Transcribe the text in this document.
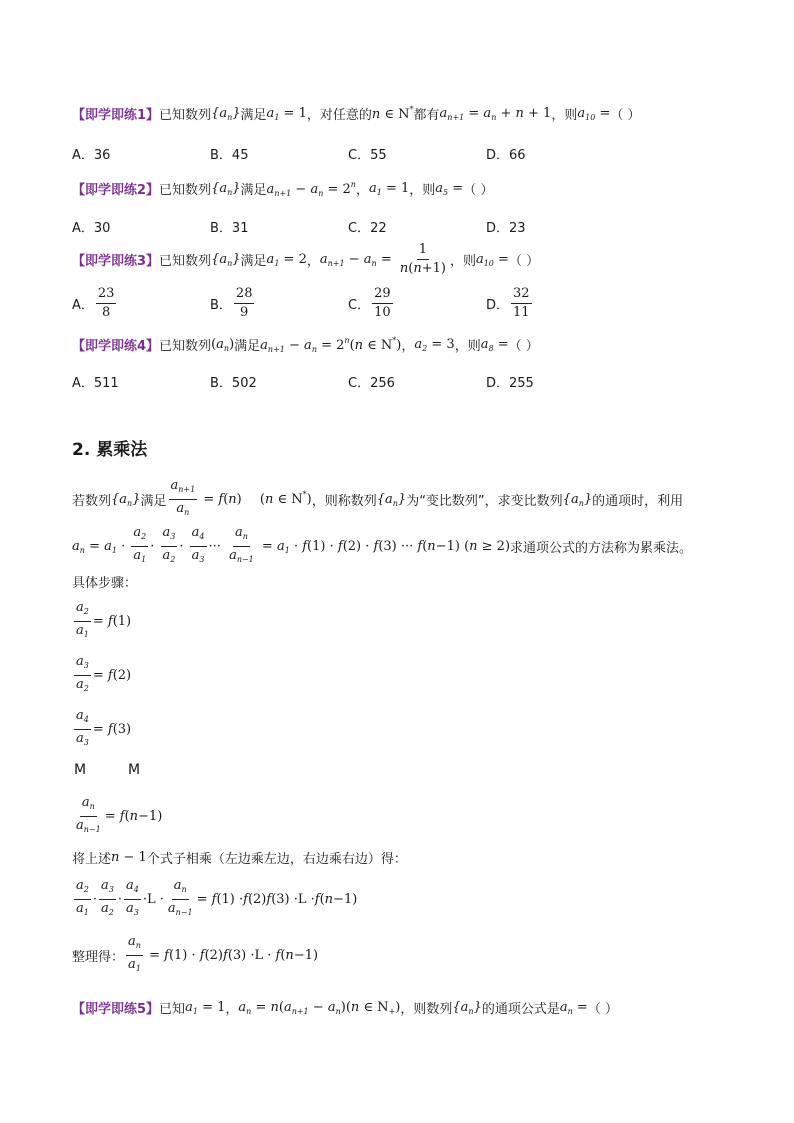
【即学即练1】 已知数列 $\{a_n\}$ 满足 $a_1 = 1$ ，对任意的 n ∈ N* 都有 $a_{n+1} = a_n + n + 1$ ，则 $a_{10}$ = （ ）
A．36	B．45	C．55	D．66
【即学即练2】 已知数列 $\{a_n\}$ 满足 $a_{n+1} - a_n = 2^n$ ， $a_1 = 1$ ，则 $a_5$ = （ ）
A．30	B．31	C．22	D．23
【即学即练3】 已知数列 $\{a_n\}$ 满足 $a_1 = 2$ ， $a_{n+1} - a_n = \frac{1}{n(n+1)}$ ，则 $a_{10}$ = （ ）
A． $\frac{23}{8}$	B． $\frac{28}{9}$	C． $\frac{29}{10}$	D． $\frac{32}{11}$
【即学即练4】 已知数列 $(a_n)$ 满足 $a_{n+1} - a_n = 2^n(n$ ∈ N*) ， $a_2 = 3$ ，则 $a_8$ = （ ）
A．511	B．502	C．256	D．255
2. 累乘法
若数列 $\{a_n\}$ 满足 $\frac{a_{n+1}}{a_n} = f(n)$ (n ∈ N*) ，则称数列 $\{a_n\}$ 为“变比数列”，求变比数列 $\{a_n\}$ 的通项时，利用
$a_n = a_1 \cdot \frac{a_2}{a_1} \cdot \frac{a_3}{a_2} \cdot \frac{a_4}{a_3}$ ··· $\frac{a_n}{a_{n-1}} = a_1 \cdot f(1) \cdot f(2) \cdot f(3)$ ··· f(n−1) (n ≥ 2) 求通项公式的方法称为累乘法。
具体步骤：
$\frac{a_2}{a_1} = f$ (1)
$\frac{a_3}{a_2} = f$ (2)
$\frac{a_4}{a_3} = f$ (3)
M	M
$\frac{a_n}{a_{n-1}} = f$ ( n −1)
将上述 n − 1 个式子相乘（左边乘左边，右边乘右边）得：
$\frac{a_2}{a_1} \cdot \frac{a_3}{a_2} \cdot \frac{a_4}{a_3} \cdot L \cdot \frac{a_n}{a_{n-1}} = f$ (1) · f (2) f (3) ·L · f ( n −1)
整理得： $\frac{a_n}{a_1} = f(1) \cdot f(2)f(3) \cdot L \cdot f(n-1)$
【即学即练5】 已知 $a_1 = 1$ ， $a_n = n(a_{n+1} - a_n)(n$ ∈ $N_+$) ，则数列 $\{a_n\}$ 的通项公式是 $a_n$ = （ ）
